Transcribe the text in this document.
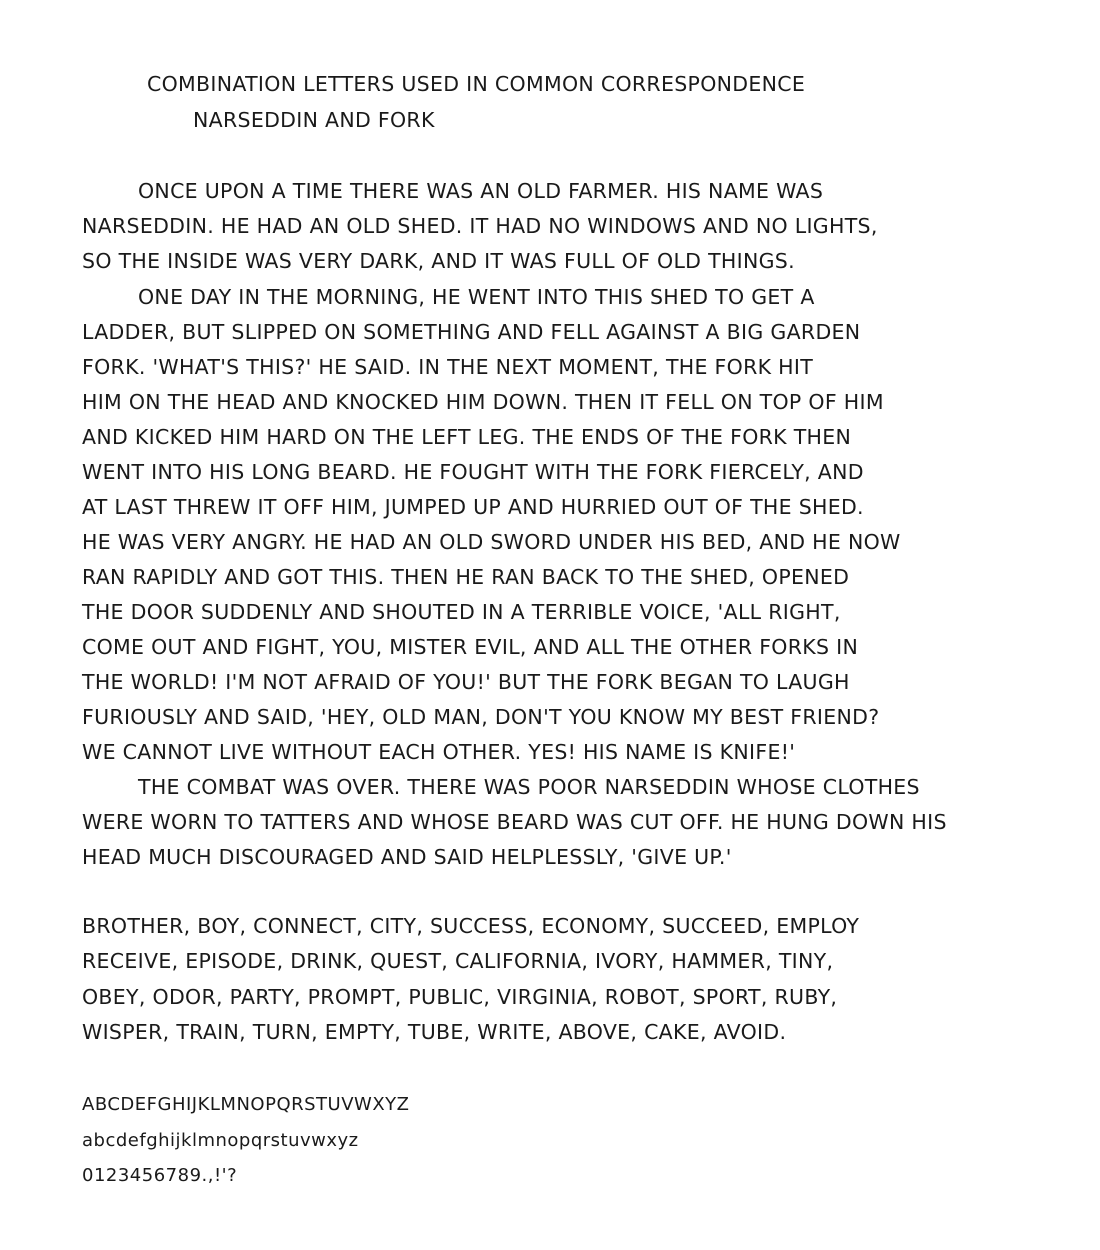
COMBINATION LETTERS USED IN COMMON CORRESPONDENCE
NARSEDDIN AND FORK
ONCE UPON A TIME THERE WAS AN OLD FARMER. HIS NAME WAS
NARSEDDIN. HE HAD AN OLD SHED. IT HAD NO WINDOWS AND NO LIGHTS,
SO THE INSIDE WAS VERY DARK, AND IT WAS FULL OF OLD THINGS.
ONE DAY IN THE MORNING, HE WENT INTO THIS SHED TO GET A
LADDER, BUT SLIPPED ON SOMETHING AND FELL AGAINST A BIG GARDEN
FORK. 'WHAT'S THIS?' HE SAID. IN THE NEXT MOMENT, THE FORK HIT
HIM ON THE HEAD AND KNOCKED HIM DOWN. THEN IT FELL ON TOP OF HIM
AND KICKED HIM HARD ON THE LEFT LEG. THE ENDS OF THE FORK THEN
WENT INTO HIS LONG BEARD. HE FOUGHT WITH THE FORK FIERCELY, AND
AT LAST THREW IT OFF HIM, JUMPED UP AND HURRIED OUT OF THE SHED.
HE WAS VERY ANGRY. HE HAD AN OLD SWORD UNDER HIS BED, AND HE NOW
RAN RAPIDLY AND GOT THIS. THEN HE RAN BACK TO THE SHED, OPENED
THE DOOR SUDDENLY AND SHOUTED IN A TERRIBLE VOICE, 'ALL RIGHT,
COME OUT AND FIGHT, YOU, MISTER EVIL, AND ALL THE OTHER FORKS IN
THE WORLD! I'M NOT AFRAID OF YOU!' BUT THE FORK BEGAN TO LAUGH
FURIOUSLY AND SAID, 'HEY, OLD MAN, DON'T YOU KNOW MY BEST FRIEND?
WE CANNOT LIVE WITHOUT EACH OTHER. YES! HIS NAME IS KNIFE!'
THE COMBAT WAS OVER. THERE WAS POOR NARSEDDIN WHOSE CLOTHES
WERE WORN TO TATTERS AND WHOSE BEARD WAS CUT OFF. HE HUNG DOWN HIS
HEAD MUCH DISCOURAGED AND SAID HELPLESSLY, 'GIVE UP.'
BROTHER, BOY, CONNECT, CITY, SUCCESS, ECONOMY, SUCCEED, EMPLOY
RECEIVE, EPISODE, DRINK, QUEST, CALIFORNIA, IVORY, HAMMER, TINY,
OBEY, ODOR, PARTY, PROMPT, PUBLIC, VIRGINIA, ROBOT, SPORT, RUBY,
WISPER, TRAIN, TURN, EMPTY, TUBE, WRITE, ABOVE, CAKE, AVOID.
ABCDEFGHIJKLMNOPQRSTUVWXYZ
abcdefghijklmnopqrstuvwxyz
0123456789.,!'?
